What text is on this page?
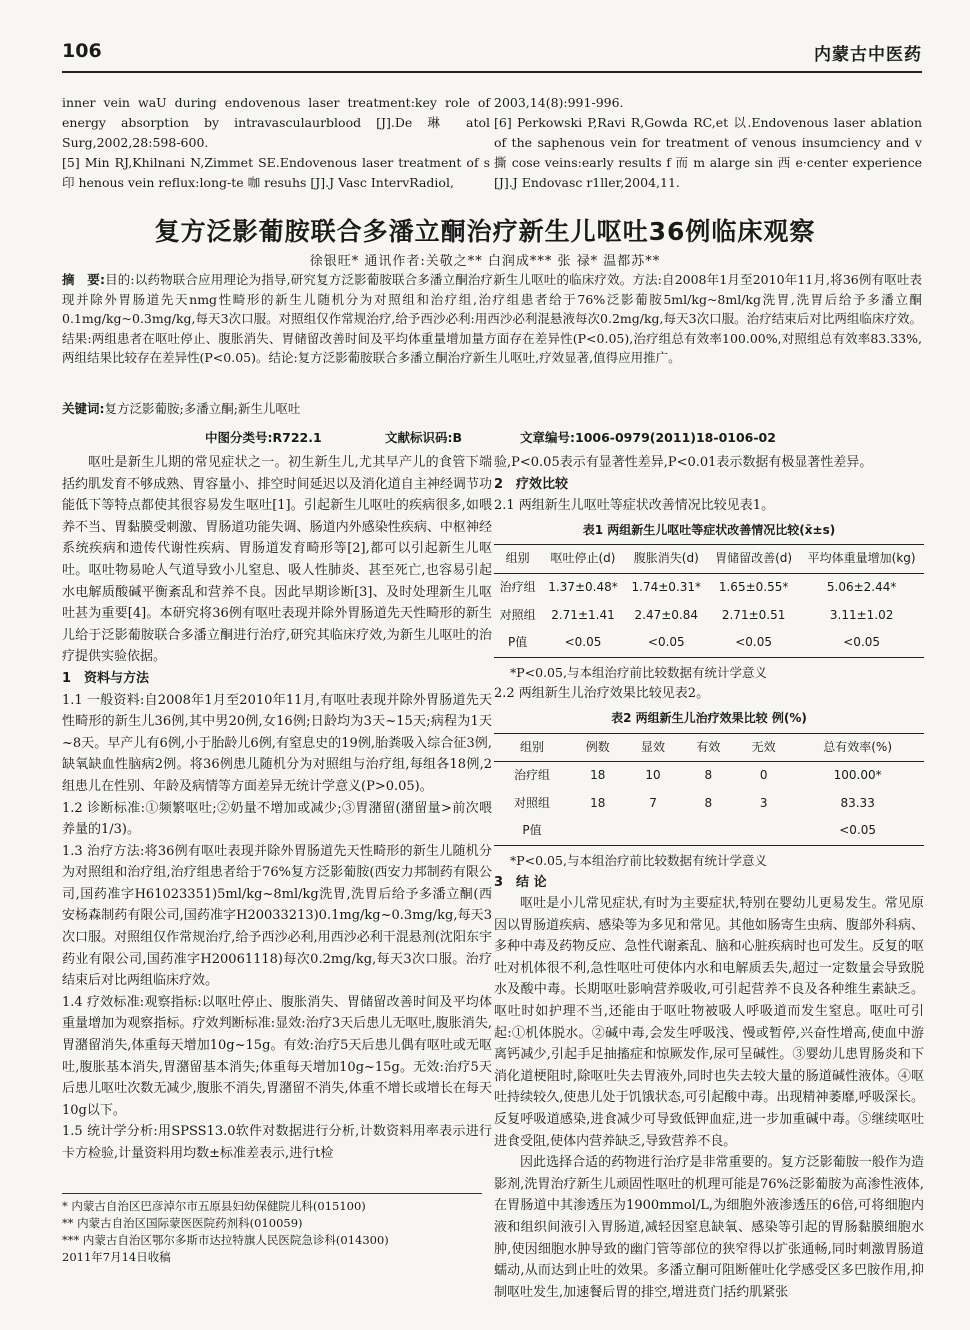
106	内蒙古中医药

inner vein waU during endovenous laser treatment:key role of energy absorption by intravasculaurblood [J].De 琳 atol Surg,2002,28:598-600.

[5] Min RJ,Khilnani N,Zimmet SE.Endovenous laser treatment of s 印 henous vein reflux:long-te 咖 resuhs [J].J Vasc IntervRadiol,

2003,14(8):991-996.

[6] Perkowski P,Ravi R,Gowda RC,et 以.Endovenous laser ablation of the saphenous vein for treatment of venous insumciency and v 撕 cose veins:early results f 而 m alarge sin 西 e·center experience [J].J Endovasc r1ller,2004,11.

复方泛影葡胺联合多潘立酮治疗新生儿呕吐36例临床观察
徐银旺* 通讯作者:关敬之** 白润成*** 张 禄* 温都苏**
摘　要:目的:以药物联合应用理论为指导,研究复方泛影葡胺联合多潘立酮治疗新生儿呕吐的临床疗效。方法:自2008年1月至2010年11月,将36例有呕吐表现并除外胃肠道先天nmg性畸形的新生儿随机分为对照组和治疗组,治疗组患者给于76%泛影葡胺5ml/kg~8ml/kg洗胃,洗胃后给予多潘立酮0.1mg/kg~0.3mg/kg,每天3次口服。对照组仅作常规治疗,给予西沙必利:用西沙必利混悬液每次0.2mg/kg,每天3次口服。治疗结束后对比两组临床疗效。结果:两组患者在呕吐停止、腹胀消失、胃储留改善时间及平均体重量增加量方面存在差异性(P<0.05),治疗组总有效率100.00%,对照组总有效率83.33%,两组结果比较存在差异性(P<0.05)。结论:复方泛影葡胺联合多潘立酮治疗新生儿呕吐,疗效显著,值得应用推广。
关键词:复方泛影葡胺;多潘立酮;新生儿呕吐
中图分类号:R722.1	文献标识码:B	文章编号:1006-0979(2011)18-0106-02

呕吐是新生儿期的常见症状之一。初生新生儿,尤其早产儿的食管下端括约肌发育不够成熟、胃容量小、排空时间延迟以及消化道自主神经调节功能低下等特点都使其很容易发生呕吐[1]。引起新生儿呕吐的疾病很多,如喂养不当、胃黏膜受刺激、胃肠道功能失调、肠道内外感染性疾病、中枢神经系统疾病和遗传代谢性疾病、胃肠道发育畸形等[2],都可以引起新生儿呕吐。呕吐物易呛人气道导致小儿窒息、吸人性肺炎、甚至死亡,也容易引起水电解质酸碱平衡紊乱和营养不良。因此早期诊断[3]、及时处理新生儿呕吐甚为重要[4]。本研究将36例有呕吐表现并除外胃肠道先天性畸形的新生儿给于泛影葡胺联合多潘立酮进行治疗,研究其临床疗效,为新生儿呕吐的治疗提供实验依据。

1　资料与方法

1.1 一般资料:自2008年1月至2010年11月,有呕吐表现并除外胃肠道先天性畸形的新生儿36例,其中男20例,女16例;日龄均为3天~15天;病程为1天~8天。早产儿有6例,小于胎龄儿6例,有窒息史的19例,胎粪吸入综合征3例,缺氧缺血性脑病2例。将36例患儿随机分为对照组与治疗组,每组各18例,2组患儿在性别、年龄及病情等方面差异无统计学意义(P>0.05)。

1.2 诊断标准:①频繁呕吐;②奶量不增加或减少;③胃潴留(潴留量>前次喂养量的1/3)。

1.3 治疗方法:将36例有呕吐表现并除外胃肠道先天性畸形的新生儿随机分为对照组和治疗组,治疗组患者给于76%复方泛影葡胺(西安力邦制药有限公司,国药准字H61023351)5ml/kg~8ml/kg洗胃,洗胃后给予多潘立酮(西安杨森制药有限公司,国药准字H20033213)0.1mg/kg~0.3mg/kg,每天3次口服。对照组仅作常规治疗,给予西沙必利,用西沙必利干混悬剂(沈阳东宇药业有限公司,国药准字H20061118)每次0.2mg/kg,每天3次口服。治疗结束后对比两组临床疗效。

1.4 疗效标准:观察指标:以呕吐停止、腹胀消失、胃储留改善时间及平均体重量增加为观察指标。疗效判断标准:显效:治疗3天后患儿无呕吐,腹胀消失,胃潴留消失,体重每天增加10g~15g。有效:治疗5天后患儿偶有呕吐或无呕吐,腹胀基本消失,胃潴留基本消失;体重每天增加10g~15g。无效:治疗5天后患儿呕吐次数无减少,腹胀不消失,胃潴留不消失,体重不增长或增长在每天10g以下。

1.5 统计学分析:用SPSS13.0软件对数据进行分析,计数资料用率表示进行卡方检验,计量资料用均数±标准差表示,进行t检

* 内蒙古自治区巴彦淖尔市五原县妇幼保健院儿科(015100)

** 内蒙古自治区国际蒙医医院药剂科(010059)

*** 内蒙古自治区鄂尔多斯市达拉特旗人民医院急诊科(014300)

2011年7月14日收稿

验,P<0.05表示有显著性差异,P<0.01表示数据有极显著性差异。

2　疗效比较

2.1 两组新生儿呕吐等症状改善情况比较见表1。

表1 两组新生儿呕吐等症状改善情况比较(x̄±s)
组别	呕吐停止(d)	腹胀消失(d)	胃储留改善(d)	平均体重量增加(kg)
治疗组	1.37±0.48*	1.74±0.31*	1.65±0.55*	5.06±2.44*
对照组	2.71±1.41	2.47±0.84	2.71±0.51	3.11±1.02
P值	<0.05	<0.05	<0.05	<0.05
*P<0.05,与本组治疗前比较数据有统计学意义

2.2 两组新生儿治疗效果比较见表2。

表2 两组新生儿治疗效果比较 例(%)
组别	例数	显效	有效	无效	总有效率(%)
治疗组	18	10	8	0	100.00*
对照组	18	7	8	3	83.33
P值					<0.05
*P<0.05,与本组治疗前比较数据有统计学意义

3　结 论

呕吐是小儿常见症状,有时为主要症状,特别在婴幼儿更易发生。常见原因以胃肠道疾病、感染等为多见和常见。其他如肠寄生虫病、腹部外科病、多种中毒及药物反应、急性代谢紊乱、脑和心脏疾病时也可发生。反复的呕吐对机体很不利,急性呕吐可使体内水和电解质丢失,超过一定数量会导致脱水及酸中毒。长期呕吐影响营养吸收,可引起营养不良及各种维生素缺乏。呕吐时如护理不当,还能由于呕吐物被吸人呼吸道而发生窒息。呕吐可引起:①机体脱水。②碱中毒,会发生呼吸浅、慢或暂停,兴奋性增高,使血中游离钙减少,引起手足抽搐症和惊厥发作,尿可呈碱性。③婴幼儿患胃肠炎和下消化道梗阻时,除呕吐失去胃液外,同时也失去较大量的肠道碱性液体。④呕吐持续较久,使患儿处于饥饿状态,可引起酸中毒。出现精神萎靡,呼吸深长。反复呼吸道感染,进食减少可导致低钾血症,进一步加重碱中毒。⑤继续呕吐进食受阻,使体内营养缺乏,导致营养不良。

因此选择合适的药物进行治疗是非常重要的。复方泛影葡胺一般作为造影剂,洗胃治疗新生儿顽固性呕吐的机理可能是76%泛影葡胺为高渗性液体,在胃肠道中其渗透压为1900mmol/L,为细胞外液渗透压的6倍,可将细胞内液和组织间液引入胃肠道,减轻因窒息缺氧、感染等引起的胃肠黏膜细胞水肿,使因细胞水肿导致的幽门管等部位的狭窄得以扩张通畅,同时刺激胃肠道蠕动,从而达到止吐的效果。多潘立酮可阻断催吐化学感受区多巴胺作用,抑制呕吐发生,加速餐后胃的排空,增进贲门括约肌紧张
